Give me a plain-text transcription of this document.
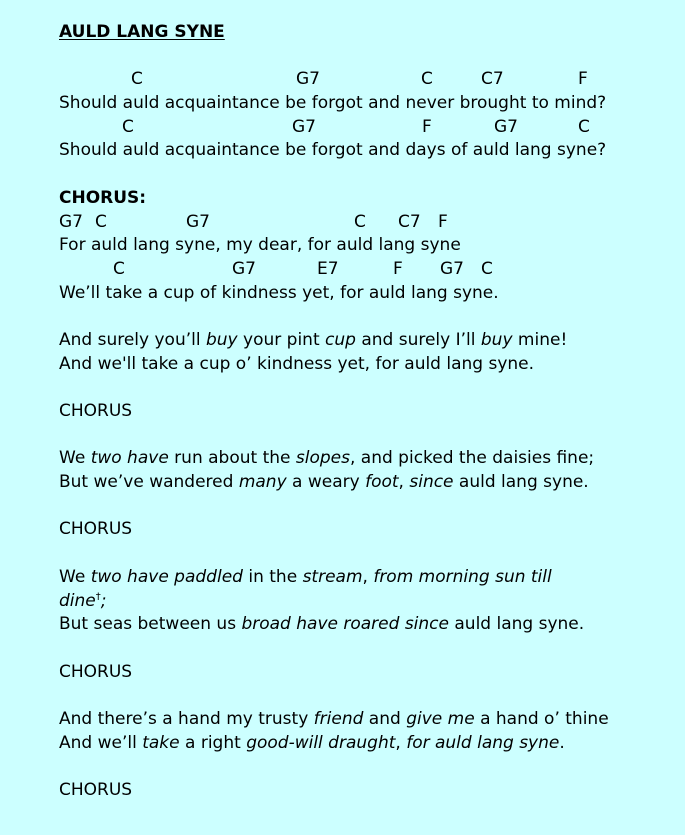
AULD LANG SYNE
C	G7	C	C7	F
Should auld acquaintance be forgot and never brought to mind?
C	G7	F	G7	C
Should auld acquaintance be forgot and days of auld lang syne?
CHORUS:
G7 C	G7	C C7 F
For auld lang syne, my dear, for auld lang syne
C	G7	E7	F G7 C
We’ll take a cup of kindness yet, for auld lang syne.
And surely you’ll buy your pint cup and surely I’ll buy mine!
And we'll take a cup o’ kindness yet, for auld lang syne.
CHORUS
We two have run about the slopes, and picked the daisies fine;
But we’ve wandered many a weary foot, since auld lang syne.
CHORUS
We two have paddled in the stream, from morning sun till
dine†;
But seas between us broad have roared since auld lang syne.
CHORUS
And there’s a hand my trusty friend and give me a hand o’ thine
And we’ll take a right good-will draught, for auld lang syne.
CHORUS
